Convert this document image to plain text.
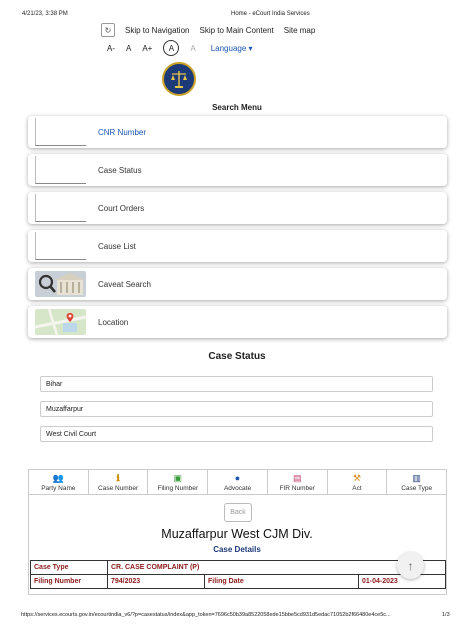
4/21/23, 3:38 PM	Home - eCourt India Services
↻	Skip to Navigation Skip to Main Content Site map
A- A A+	A	A Language ▾
Search Menu
CNR Number
Case Status
Court Orders
Cause List
Caveat Search
Location
Case Status
Bihar
Muzaffarpur
West Civil Court
👥
Party Name
ℹ
Case Number
▣
Filing Number
●
Advocate
▤
FIR Number
⚒
Act
▥
Case Type
Back
Muzaffarpur West CJM Div.
Case Details
Case Type	CR. CASE COMPLAINT (P)		
Filing Number	794/2023	Filing Date	01-04-2023
↑
https://services.ecourts.gov.in/ecourtindia_v6/?p=casestatus/index&app_token=7696c50b39a8522058ede15bbe5cd931d5edac71052b2f66480e4ce5c...	1/3
